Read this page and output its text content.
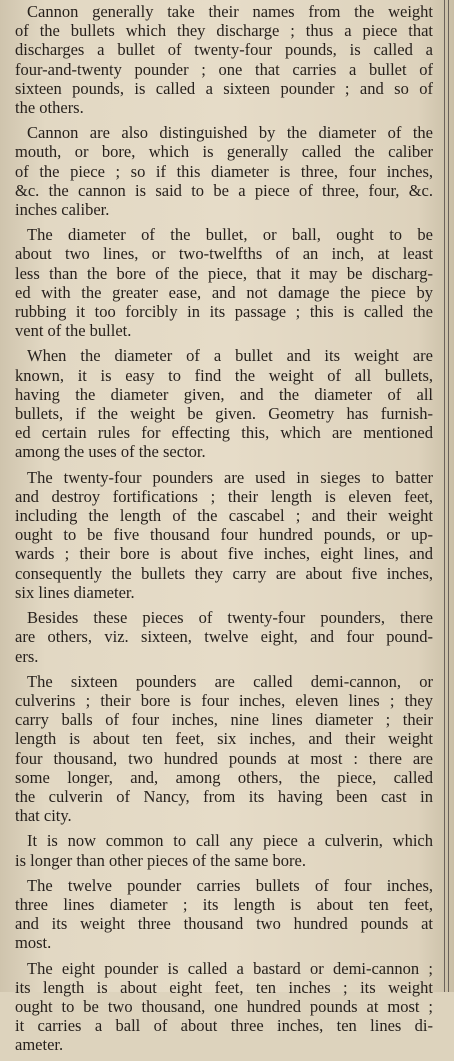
Cannon generally take their names from the weight
of the bullets which they discharge ; thus a piece that
discharges a bullet of twenty-four pounds, is called a
four-and-twenty pounder ; one that carries a bullet of
sixteen pounds, is called a sixteen pounder ; and so of
the others.
Cannon are also distinguished by the diameter of the
mouth, or bore, which is generally called the caliber
of the piece ; so if this diameter is three, four inches,
&c. the cannon is said to be a piece of three, four, &c.
inches caliber.
The diameter of the bullet, or ball, ought to be
about two lines, or two-twelfths of an inch, at least
less than the bore of the piece, that it may be discharg-
ed with the greater ease, and not damage the piece by
rubbing it too forcibly in its passage ; this is called the
vent of the bullet.
When the diameter of a bullet and its weight are
known, it is easy to find the weight of all bullets,
having the diameter given, and the diameter of all
bullets, if the weight be given. Geometry has furnish-
ed certain rules for effecting this, which are mentioned
among the uses of the sector.
The twenty-four pounders are used in sieges to batter
and destroy fortifications ; their length is eleven feet,
including the length of the cascabel ; and their weight
ought to be five thousand four hundred pounds, or up-
wards ; their bore is about five inches, eight lines, and
consequently the bullets they carry are about five inches,
six lines diameter.
Besides these pieces of twenty-four pounders, there
are others, viz. sixteen, twelve eight, and four pound-
ers.
The sixteen pounders are called demi-cannon, or
culverins ; their bore is four inches, eleven lines ; they
carry balls of four inches, nine lines diameter ; their
length is about ten feet, six inches, and their weight
four thousand, two hundred pounds at most : there are
some longer, and, among others, the piece, called
the culverin of Nancy, from its having been cast in
that city.
It is now common to call any piece a culverin, which
is longer than other pieces of the same bore.
The twelve pounder carries bullets of four inches,
three lines diameter ; its length is about ten feet,
and its weight three thousand two hundred pounds at
most.
The eight pounder is called a bastard or demi-cannon ;
its length is about eight feet, ten inches ; its weight
ought to be two thousand, one hundred pounds at most ;
it carries a ball of about three inches, ten lines di-
ameter.
